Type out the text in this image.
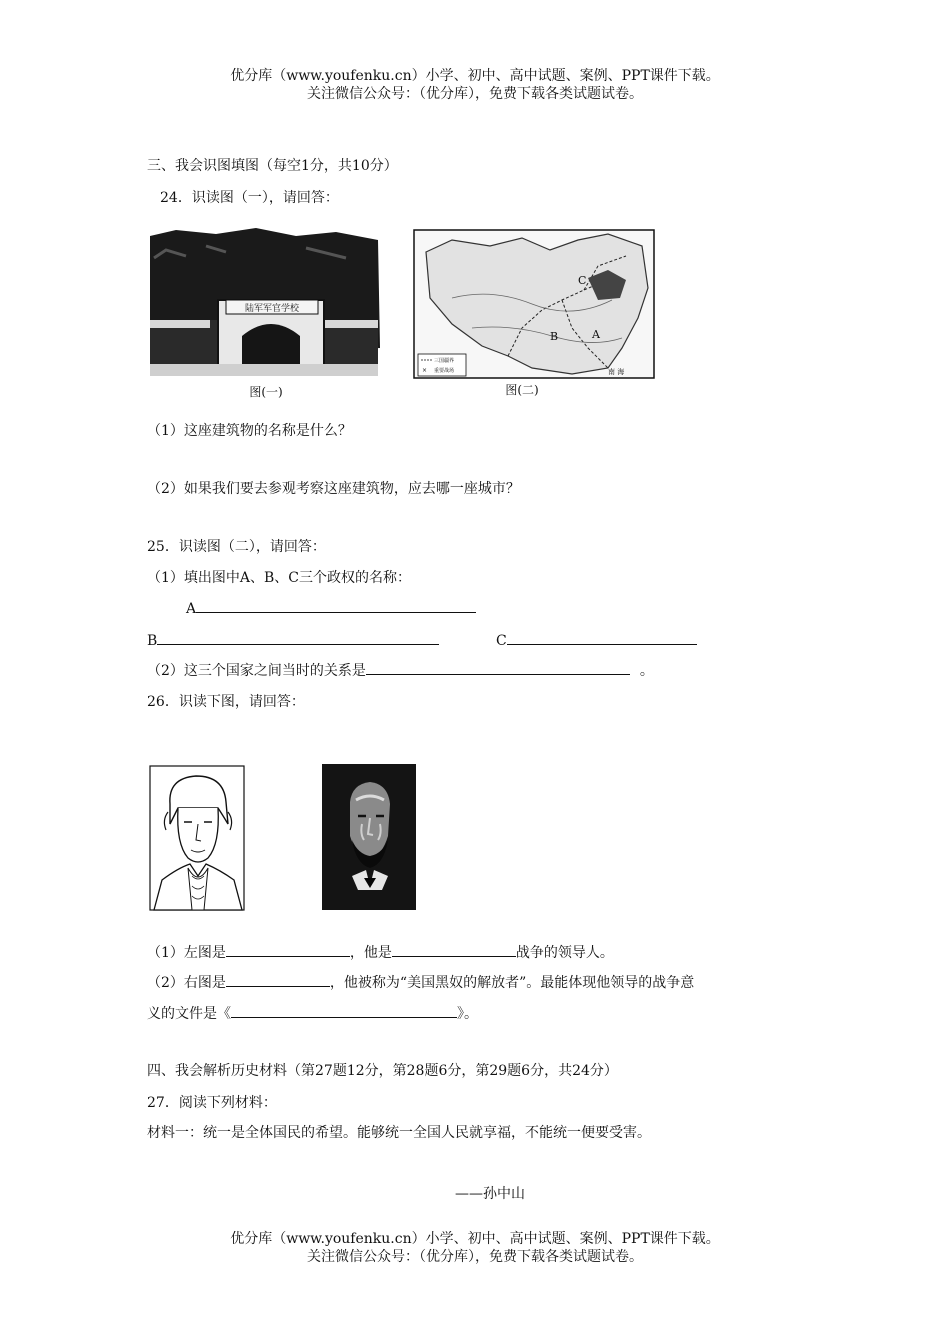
优分库（www.youfenku.cn）小学、初中、高中试题、案例、PPT课件下载。
关注微信公众号：（优分库），免费下载各类试题试卷。
三、我会识图填图（每空1分，共10分）
24．识读图（一），请回答：
陆军军官学校
图(一)
C
A
B
三国疆界
× 重要战场	南 海
图(二)
（1）这座建筑物的名称是什么？
（2）如果我们要去参观考察这座建筑物，应去哪一座城市？
25．识读图（二），请回答：
（1）填出图中A、B、C三个政权的名称：
A
B	C
（2）这三个国家之间当时的关系是	。
26．识读下图，请回答：
（1）左图是	，他是	战争的领导人。
（2）右图是	，他被称为“美国黑奴的解放者”。最能体现他领导的战争意
义的文件是《	》。
四、我会解析历史材料（第27题12分，第28题6分，第29题6分，共24分）
27．阅读下列材料：
材料一：统一是全体国民的希望。能够统一全国人民就享福，不能统一便要受害。
——孙中山
优分库（www.youfenku.cn）小学、初中、高中试题、案例、PPT课件下载。
关注微信公众号：（优分库），免费下载各类试题试卷。
